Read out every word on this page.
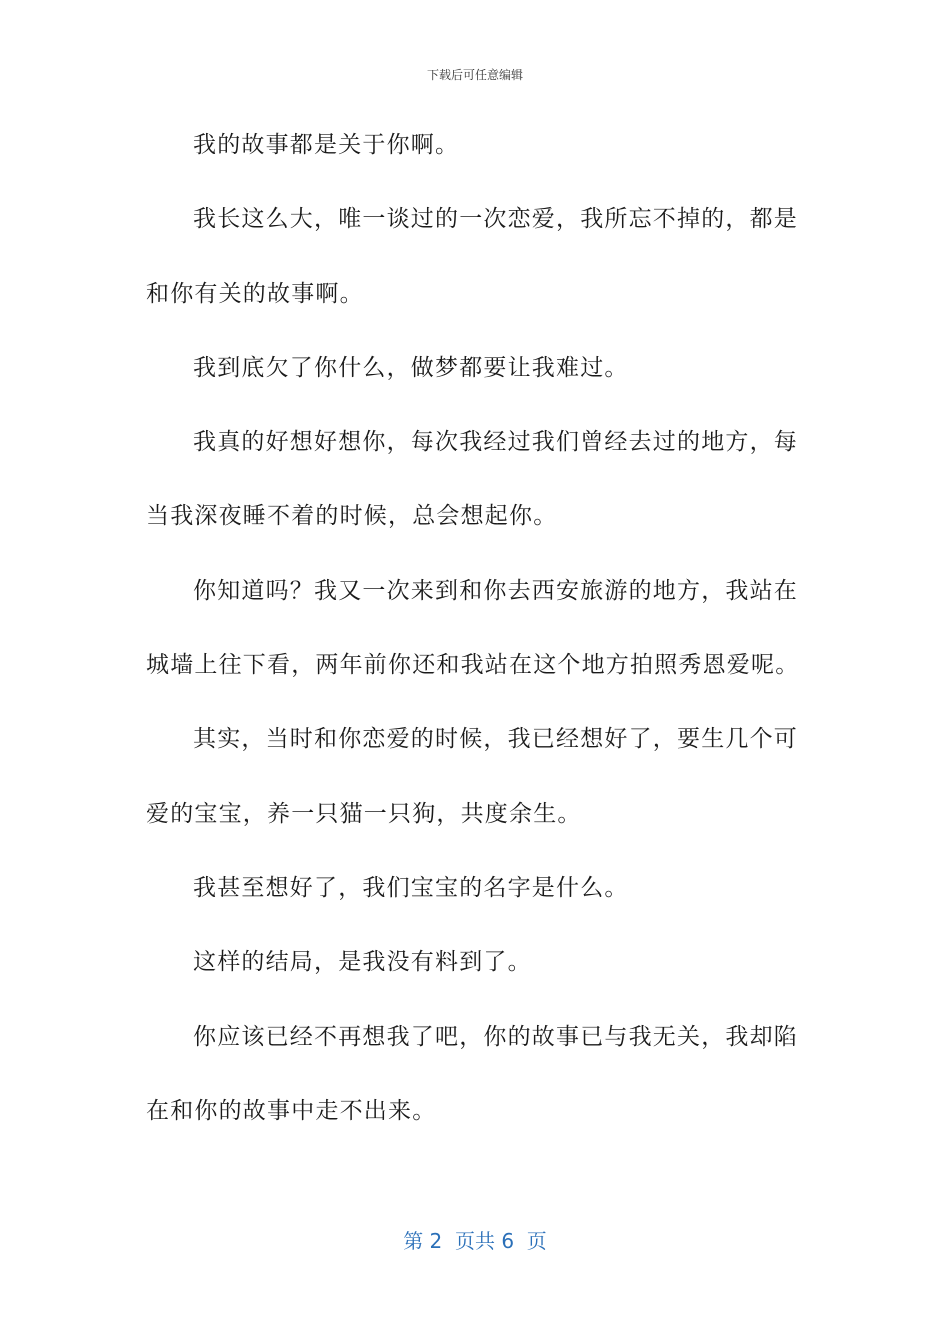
下载后可任意编辑
我的故事都是关于你啊。
我长这么大，唯一谈过的一次恋爱，我所忘不掉的，都是
和你有关的故事啊。
我到底欠了你什么，做梦都要让我难过。
我真的好想好想你，每次我经过我们曾经去过的地方，每
当我深夜睡不着的时候，总会想起你。
你知道吗？我又一次来到和你去西安旅游的地方，我站在
城墙上往下看，两年前你还和我站在这个地方拍照秀恩爱呢。
其实，当时和你恋爱的时候，我已经想好了，要生几个可
爱的宝宝，养一只猫一只狗，共度余生。
我甚至想好了，我们宝宝的名字是什么。
这样的结局，是我没有料到了。
你应该已经不再想我了吧，你的故事已与我无关，我却陷
在和你的故事中走不出来。
第 2  页共 6  页
